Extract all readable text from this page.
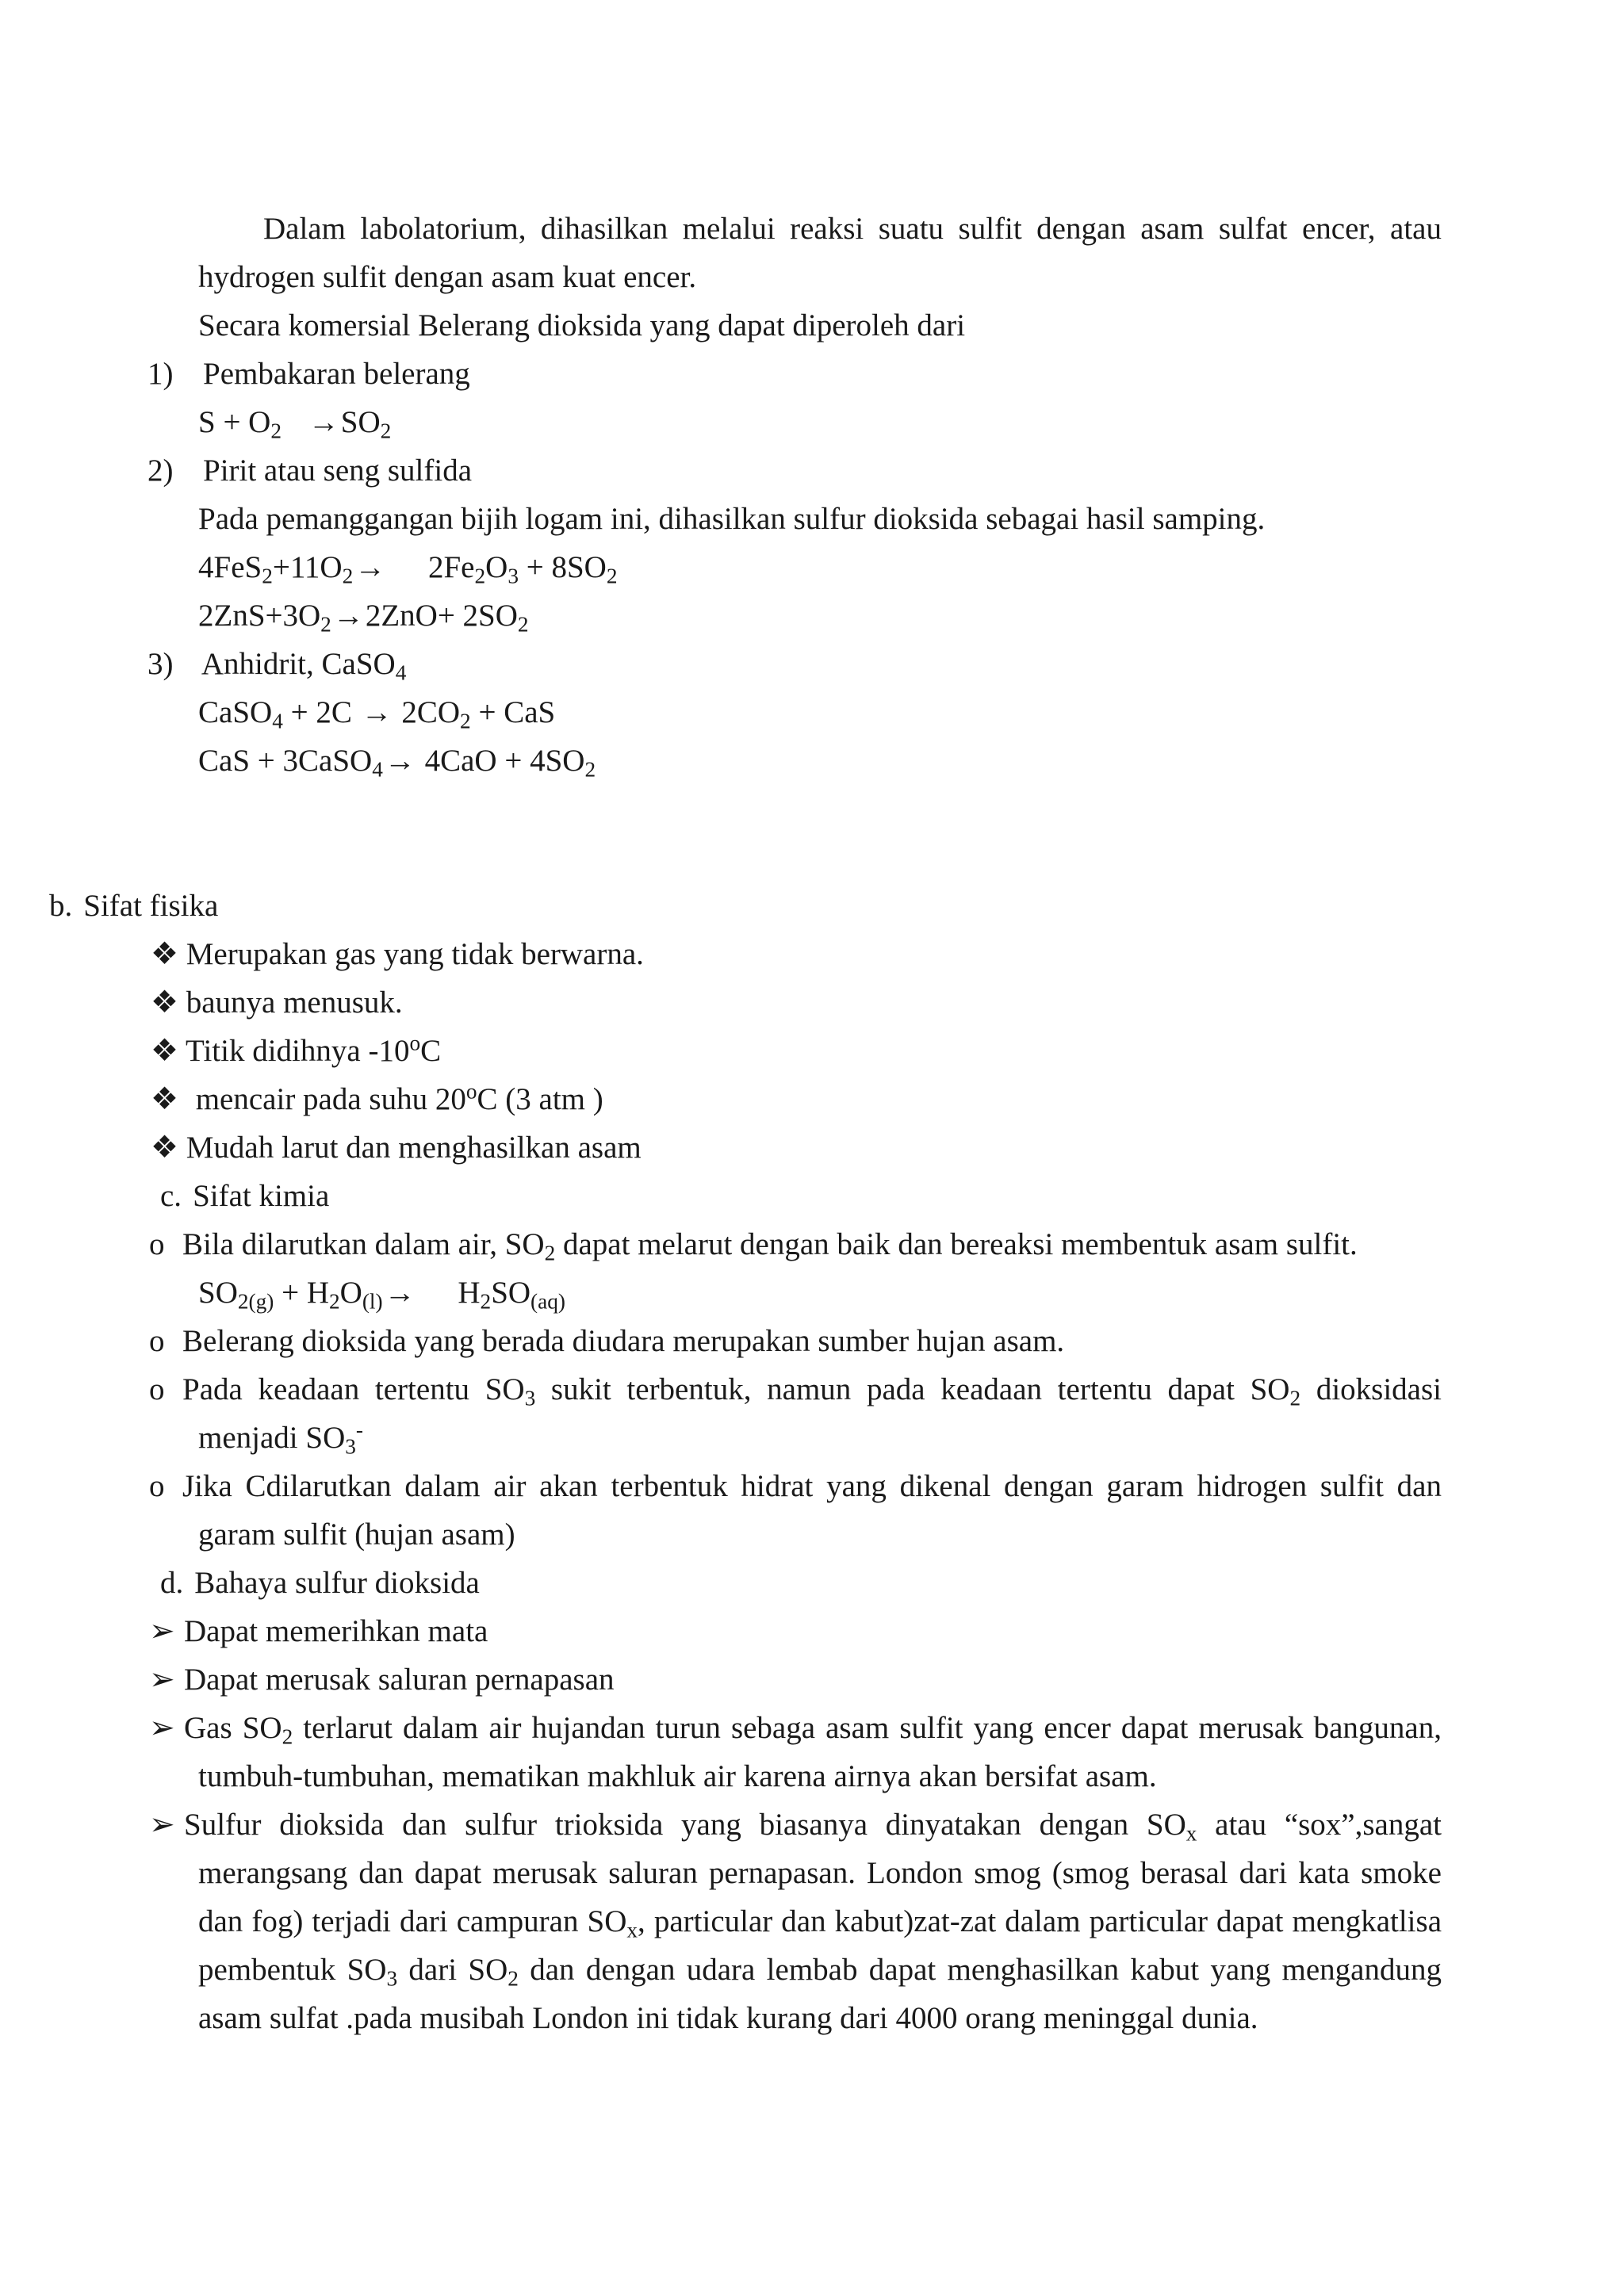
Dalam labolatorium, dihasilkan melalui reaksi suatu sulfit dengan asam sulfat encer, atau hydrogen sulfit dengan asam kuat encer.
Secara komersial Belerang dioksida yang dapat diperoleh dari
1) Pembakaran belerang
$S + O_2 \to SO_2$
2) Pirit atau seng sulfida
Pada pemanggangan bijih logam ini, dihasilkan sulfur dioksida sebagai hasil samping.
$4FeS_2+11O_2\to 2Fe_2O_3 + 8SO_2$
$2ZnS+3O_2\to 2ZnO+ 2SO_2$
3) Anhidrit, CaSO$_4$
CaSO$_4$ + $2C \to 2CO_2$ + CaS
CaS + 3CaSO$_4$→ $4CaO + 4SO_2$
b. Sifat fisika
❖ Merupakan gas yang tidak berwarna.
❖ baunya menusuk.
❖ Titik didihnya -10$^o$C
❖ mencair pada suhu 20$^o$C (3 atm )
❖ Mudah larut dan menghasilkan asam
c. Sifat kimia
o Bila dilarutkan dalam air, $SO_2$ dapat melarut dengan baik dan bereaksi membentuk asam sulfit.
$SO_{2(g)} + H_2O_{(l)}\to H_2SO_{(aq)}$
o Belerang dioksida yang berada diudara merupakan sumber hujan asam.
o Pada keadaan tertentu $SO_3$ sukit terbentuk, namun pada keadaan tertentu dapat $SO_2$ dioksidasi menjadi $SO_3^-$
o Jika Cdilarutkan dalam air akan terbentuk hidrat yang dikenal dengan garam hidrogen sulfit dan garam sulfit (hujan asam)
d. Bahaya sulfur dioksida
➢ Dapat memerihkan mata
➢ Dapat merusak saluran pernapasan
➢ Gas $SO_2$ terlarut dalam air hujandan turun sebaga asam sulfit yang encer dapat merusak bangunan, tumbuh-tumbuhan, mematikan makhluk air karena airnya akan bersifat asam.
➢ Sulfur dioksida dan sulfur trioksida yang biasanya dinyatakan dengan $SO_x$ atau “sox”,sangat merangsang dan dapat merusak saluran pernapasan. London smog (smog berasal dari kata smoke dan fog) terjadi dari campuran $SO_x$, particular dan kabut)zat-zat dalam particular dapat mengkatlisa pembentuk $SO_3$ dari $SO_2$ dan dengan udara lembab dapat menghasilkan kabut yang mengandung asam sulfat .pada musibah London ini tidak kurang dari 4000 orang meninggal dunia.
